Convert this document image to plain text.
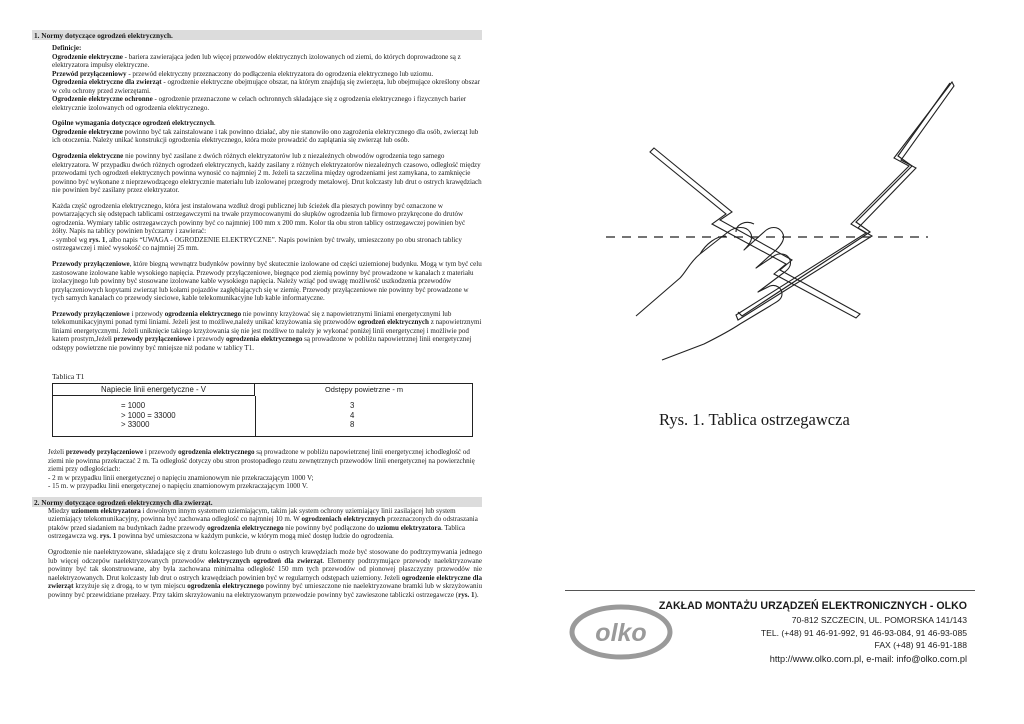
1. Normy dotyczące ogrodzeń elektrycznych.
Definicje:
Ogrodzenie elektryczne - bariera zawierająca jeden lub więcej przewodów elektrycznych izolowanych od ziemi, do których doprowadzone są z elektryzatora impulsy elektryczne.
Przewód przyłączeniowy - przewód elektryczny przeznaczony do podłączenia elektryzatora do ogrodzenia elektrycznego lub uziomu.
Ogrodzenia elektryczne dla zwierząt - ogrodzenie elektryczne obejmujące obszar, na którym znajdują się zwierzęta, lub obejmujące określony obszar w celu ochrony przed zwierzętami.
Ogrodzenie elektryczne ochronne - ogrodzenie przeznaczone w celach ochronnych składające się z ogrodzenia elektrycznego i fizycznych barier elektrycznie izolowanych od ogrodzenia elektrycznego.
Ogólne wymagania dotyczące ogrodzeń elektrycznych.
Ogrodzenie elektryczne powinno być tak zainstalowane i tak powinno działać, aby nie stanowiło ono zagrożenia elektrycznego dla osób, zwierząt lub ich otoczenia. Należy unikać konstrukcji ogrodzenia elektrycznego, która może prowadzić do zaplątania się zwierząt lub osób.
Ogrodzenia elektryczne nie powinny być zasilane z dwóch różnych elektryzatorów lub z niezależnych obwodów ogrodzenia tego samego elektryzatora. W przypadku dwóch różnych ogrodzeń elektrycznych, każdy zasilany z różnych elektryzatorów niezależnych czasowo, odległość między przewodami tych ogrodzeń elektrycznych powinna wynosić co najmniej 2 m. Jeżeli ta szczelina między ogrodzeniami jest zamykana, to zamknięcie powinno być wykonane z nieprzewodzącego elektrycznie materiału lub izolowanej przegrody metalowej. Drut kolczasty lub drut o ostrych krawędziach nie powinien być zasilany przez elektryzator.
Każda część ogrodzenia elektrycznego, która jest instalowana wzdłuż drogi publicznej lub ścieżek dla pieszych powinny być oznaczone w powtarzających się odstępach tablicami ostrzegawczymi na trwałe przymocowanymi do słupków ogrodzenia lub firmowo przykręcone do drutów ogrodzenia. Wymiary tablic ostrzegawczych powinny być co najmniej 100 mm x 200 mm. Kolor tła obu stron tablicy ostrzegawczej powinien być żółty. Napis na tablicy powinien byćczarny i zawierać:
- symbol wg rys. 1, albo napis “UWAGA - OGRODZENIE ELEKTRYCZNE”. Napis powinien być trwały, umieszczony po obu stronach tablicy ostrzegawczej i mieć wysokość co najmniej 25 mm.
Przewody przyłączeniowe, które biegną wewnątrz budynków powinny być skutecznie izolowane od części uziemionej budynku. Mogą w tym być celu zastosowane izolowane kable wysokiego napięcia. Przewody przyłączeniowe, biegnące pod ziemią powinny być prowadzone w kanałach z materiału izolacyjnego lub powinny być stosowane izolowane kable wysokiego napięcia. Należy wziąć pod uwagę możliwość uszkodzenia przewodów przyłączeniowych kopytami zwierząt lub kołami pojazdów zagłębiających się w ziemię. Przewody przyłączeniowe nie powinny być prowadzone w tych samych kanałach co przewody sieciowe, kable telekomunikacyjne lub kable informatyczne.
Przewody przyłączeniowe i przewody ogrodzenia elektrycznego nie powinny krzyżować się z napowietrznymi liniami energetycznymi lub telekomunikacyjnymi ponad tymi liniami. Jeżeli jest to możliwe,należy unikać krzyżowania się przewodów ogrodzeń elektrycznych z napowietrznymi liniami energetycznymi. Jeżeli uniknięcie takiego krzyżowania się nie jest możliwe to należy je wykonać poniżej linii energetycznej i możliwie pod katem prostym,Jeżeli przewody przyłączeniowe i przewody ogrodzenia elektrycznego są prowadzone w pobliżu napowietrznej linii energetycznej odstępy powietrzne nie powinny być mniejsze niż podane w tablicy T1.
Tablica T1
Napiecie linii energetyczne - V	Odstępy powietrzne - m
= 1000
> 1000 = 33000
> 33000
3
4
8
Jeżeli przewody przyłączeniowe i przewody ogrodzenia elektrycznego są prowadzone w pobliżu napowietrznej linii energetycznej ichodległość od ziemi nie powinna przekraczać 2 m. Ta odległość dotyczy obu stron prostopadłego rzutu zewnętrznych przewodów linii energetycznej na powierzchnię ziemi przy odległościach:
- 2 m w przypadku linii energetycznej o napięciu znamionowym nie przekraczającym 1000 V;
- 15 m. w przypadku linii energetycznej o napięciu znamionowym przekraczającym 1000 V.
2. Normy dotyczące ogrodzeń elektrycznych dla zwierząt.
Miedzy uziomem elektryzatora i dowolnym innym systemem uziemiającym, takim jak system ochrony uziemiający linii zasilającej lub system uziemiający telekomunikacyjny, powinna być zachowana odległość co najmniej 10 m. W ogrodzeniach elektrycznych przeznaczonych do odstraszania ptaków przed siadaniem na budynkach żadne przewody ogrodzenia elektrycznego nie powinny być podłączone do uziomu elektryzatora. Tablica ostrzegawcza wg. rys. 1 powinna być umieszczona w każdym punkcie, w którym mogą mieć dostęp ludzie do ogrodzenia.
Ogrodzenie nie naelektryzowane, składające się z drutu kolczastego lub drutu o ostrych krawędziach może być stosowane do podtrzymywania jednego lub więcej odczepów naelektryzowanych przewodów elektrycznych ogrodzeń dla zwierząt. Elementy podtrzymujące przewody naelektryzowane powinny być tak skonstruowane, aby była zachowana minimalna odległość 150 mm tych przewodów od pionowej płaszczyzny przewodów nie naelektryzowanych. Drut kolczasty lub drut o ostrych krawędziach powinien być w regularnych odstępach uziemiony. Jeżeli ogrodzenie elektryczne dla zwierząt krzyżuje się z drogą, to w tym miejscu ogrodzenia elektrycznego powinny być umieszczone nie naelektryzowane bramki lub w skrzyżowaniu powinny być przewidziane przełazy. Przy takim skrzyżowaniu na elektryzowanym przewodzie powinny być zawieszone tabliczki ostrzegawcze (rys. 1).
Rys. 1. Tablica ostrzegawcza
olko
ZAKŁAD MONTAŻU URZĄDZEŃ ELEKTRONICZNYCH - OLKO
70-812 SZCZECIN, UL. POMORSKA 141/143
TEL. (+48) 91 46-91-992, 91 46-93-084, 91 46-93-085
FAX (+48) 91 46-91-188
http://www.olko.com.pl, e-mail: info@olko.com.pl
